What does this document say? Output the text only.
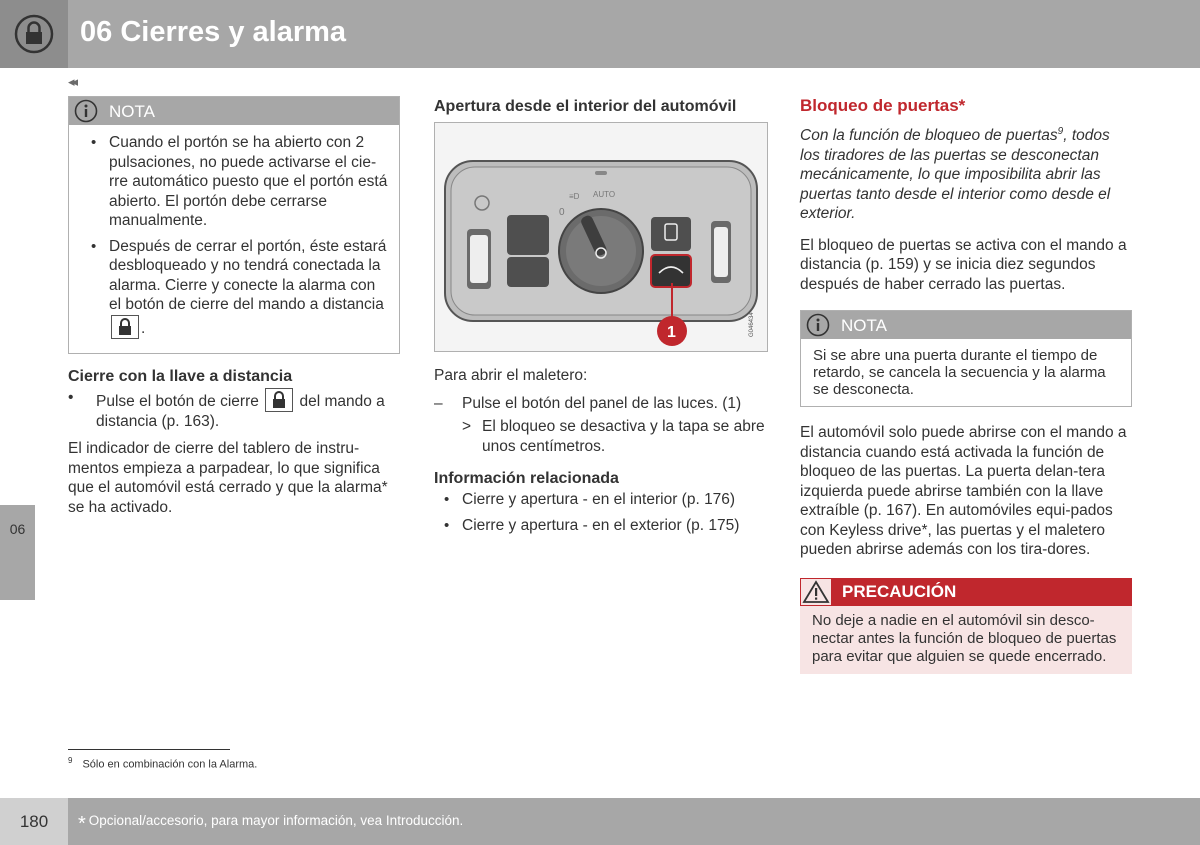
06 Cierres y alarma
◂◂
06
NOTA
• Cuando el portón se ha abierto con 2 pulsaciones, no puede activarse el cie-rre automático puesto que el portón está abierto. El portón debe cerrarse manualmente.
• Después de cerrar el portón, éste estará desbloqueado y no tendrá conectada la alarma. Cierre y conecte la alarma con el botón de cierre del mando a distancia
.
Cierre con la llave a distancia
• Pulse el botón de cierre	del mando a distancia (p. 163).

El indicador de cierre del tablero de instru-mentos empieza a parpadear, lo que significa que el automóvil está cerrado y que la alarma* se ha activado.

Apertura desde el interior del automóvil
≡D AUTO
0
1	G046434

Para abrir el maletero:

– Pulse el botón del panel de las luces. (1)
> El bloqueo se desactiva y la tapa se abre unos centímetros.
Información relacionada
• Cierre y apertura - en el interior (p. 176)
• Cierre y apertura - en el exterior (p. 175)
Bloqueo de puertas*

Con la función de bloqueo de puertas$^9$, todos los tiradores de las puertas se desconectan mecánicamente, lo que imposibilita abrir las puertas tanto desde el interior como desde el exterior.

El bloqueo de puertas se activa con el mando a distancia (p. 159) y se inicia diez segundos después de haber cerrado las puertas.

NOTA
Si se abre una puerta durante el tiempo de retardo, se cancela la secuencia y la alarma se desconecta.

El automóvil solo puede abrirse con el mando a distancia cuando está activada la función de bloqueo de las puertas. La puerta delan-tera izquierda puede abrirse también con la llave extraíble (p. 167). En automóviles equi-pados con Keyless drive*, las puertas y el maletero pueden abrirse además con los tira-dores.

PRECAUCIÓN
No deje a nadie en el automóvil sin desco-nectar antes la función de bloqueo de puertas para evitar que alguien se quede encerrado.
$^9$ Sólo en combinación con la Alarma.
180	* Opcional/accesorio, para mayor información, vea Introducción.
